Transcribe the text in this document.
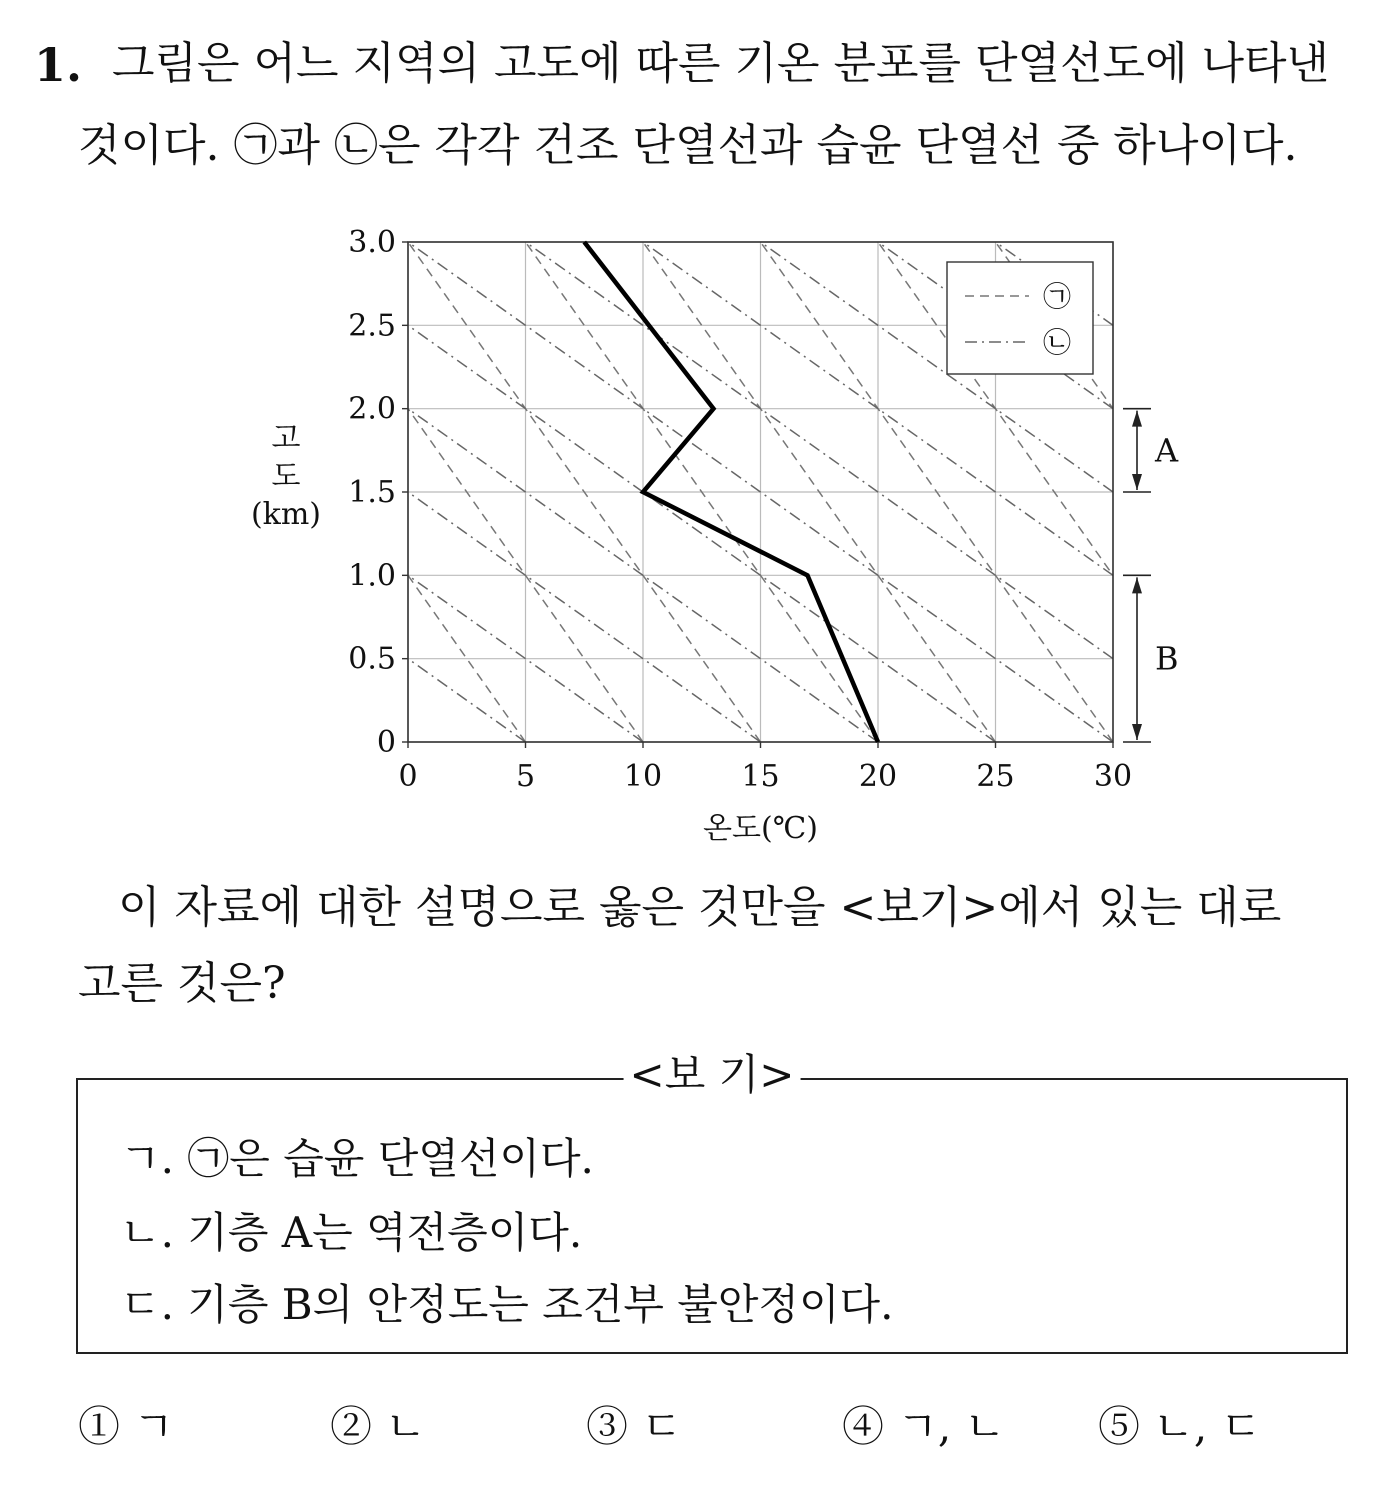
1. 그림은 어느 지역의 고도에 따른 기온 분포를 단열선도에 나타낸
것이다. ㉠과 ㉡은 각각 건조 단열선과 습윤 단열선 중 하나이다.
0	5	10	15	20	25	30
0
0.5
1.0
1.5
2.0
2.5
3.0
A
B
㉠
㉡
온도(℃)
고
도
(km)
이 자료에 대한 설명으로 옳은 것만을 <보기>에서 있는 대로
고른 것은?
<보 기>
ㄱ. ㉠은 습윤 단열선이다.
ㄴ. 기층 A는 역전층이다.
ㄷ. 기층 B의 안정도는 조건부 불안정이다.
① ㄱ	② ㄴ	③ ㄷ	④ ㄱ, ㄴ ⑤ ㄴ, ㄷ
